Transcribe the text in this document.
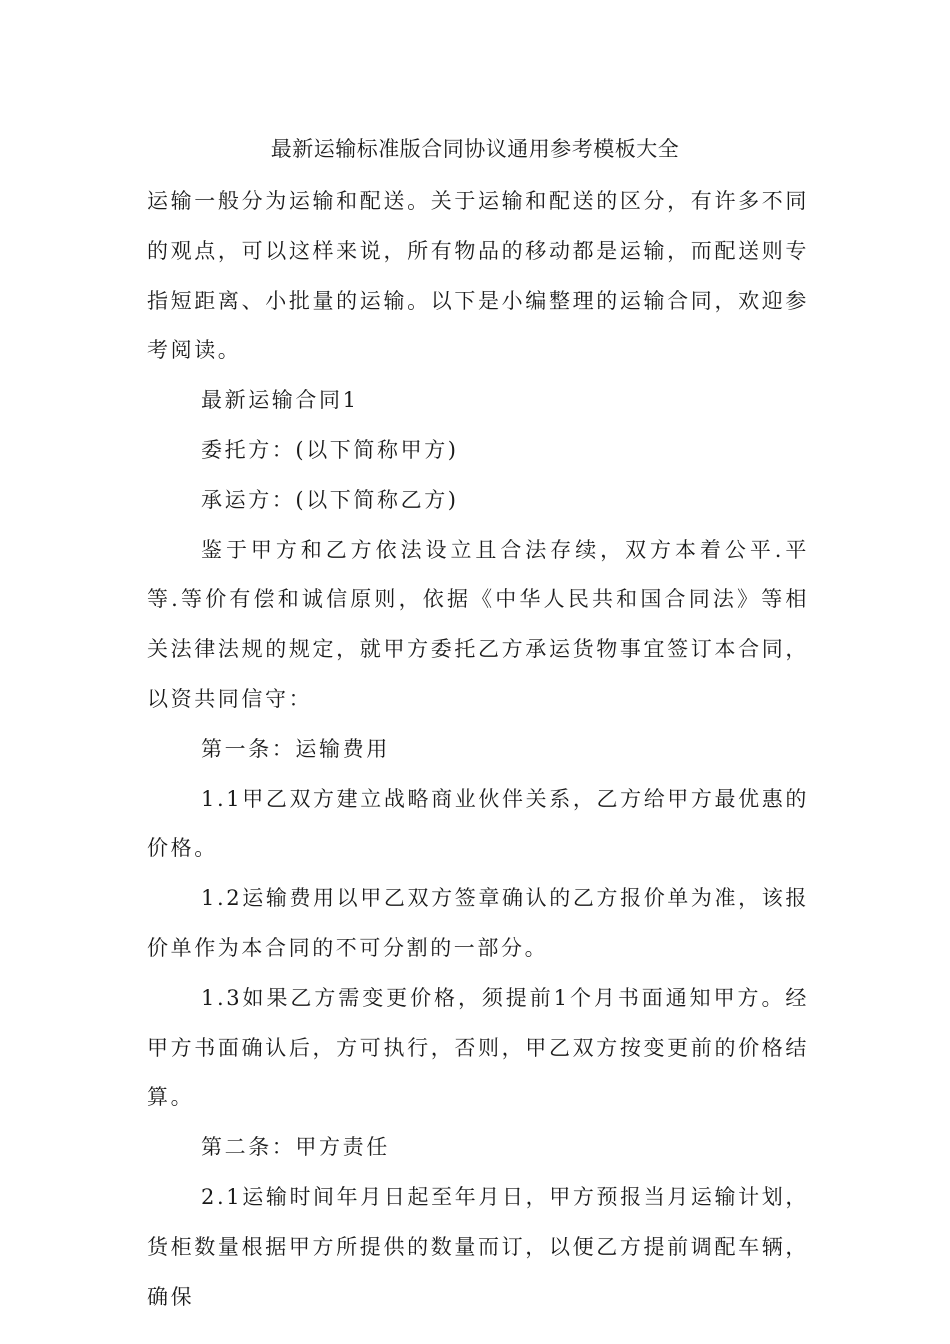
最新运输标准版合同协议通用参考模板大全

运输一般分为运输和配送。关于运输和配送的区分，有许多不同的观点，可以这样来说，所有物品的移动都是运输，而配送则专指短距离、小批量的运输。以下是小编整理的运输合同，欢迎参考阅读。

最新运输合同1

委托方：(以下简称甲方)

承运方：(以下简称乙方)

鉴于甲方和乙方依法设立且合法存续，双方本着公平.平等.等价有偿和诚信原则，依据《中华人民共和国合同法》等相关法律法规的规定，就甲方委托乙方承运货物事宜签订本合同，以资共同信守：

第一条：运输费用

1.1甲乙双方建立战略商业伙伴关系，乙方给甲方最优惠的价格。

1.2运输费用以甲乙双方签章确认的乙方报价单为准，该报价单作为本合同的不可分割的一部分。

1.3如果乙方需变更价格，须提前1个月书面通知甲方。经甲方书面确认后，方可执行，否则，甲乙双方按变更前的价格结算。

第二条：甲方责任

2.1运输时间年月日起至年月日，甲方预报当月运输计划，货柜数量根据甲方所提供的数量而订，以便乙方提前调配车辆，确保
